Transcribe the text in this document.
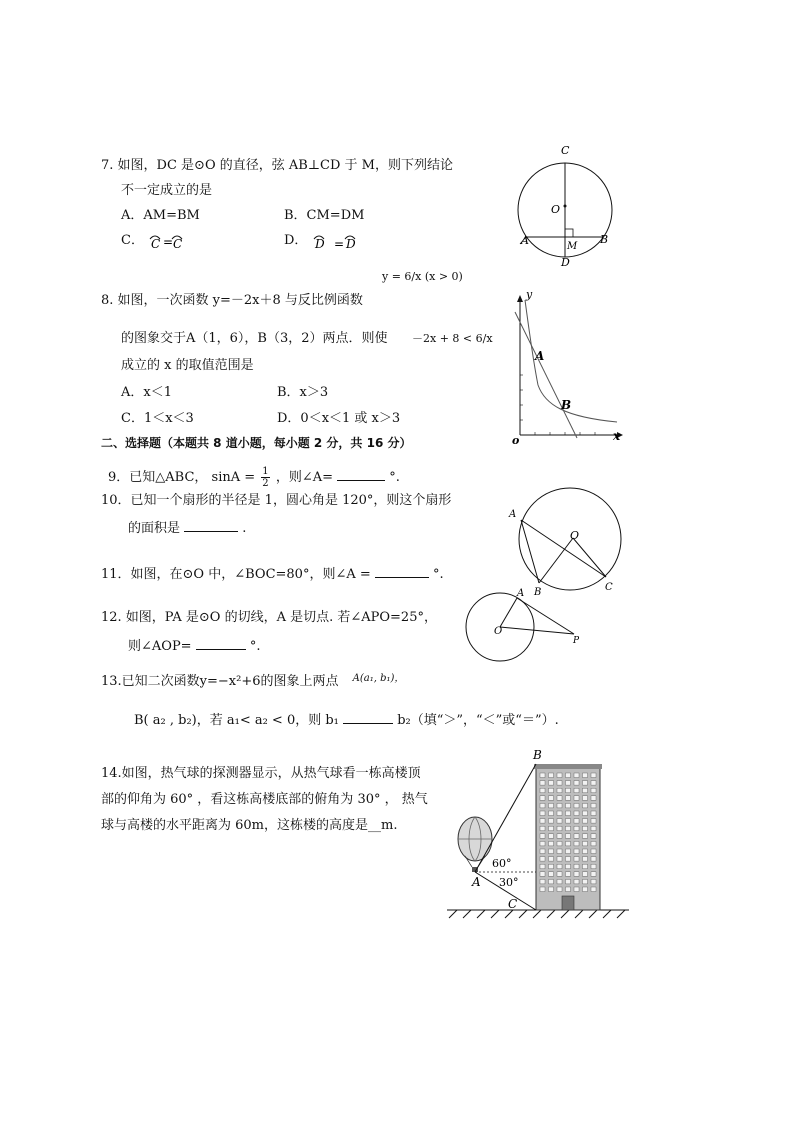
7. 如图，DC 是⊙O 的直径，弦 AB⊥CD 于 M，则下列结论
不一定成立的是
A．AM=BM	B．CM=DM
C． C = C	D． D = D
C
O
A	B
M
D
y = 6/x (x > 0)
8. 如图，一次函数 y=－2x＋8 与反比例函数
的图象交于A（1，6），B（3，2）两点．则使 －2x + 8 < 6/x
成立的 x 的取值范围是
A．x＜1	B．x＞3
C．1＜x＜3	D．0＜x＜1 或 x＞3
y
x
o
A
B
二、选择题（本题共 8 道小题，每小题 2 分，共 16 分）
9．已知△ABC， $\sin A = \frac{1}{2}$ ，则∠A=	°.
10．已知一个扇形的半径是 1，圆心角是 120°，则这个扇形
的面积是	.
A
O
B	C
11．如图，在⊙O 中，∠BOC=80°，则∠A =	°.
12. 如图，PA 是⊙O 的切线，A 是切点. 若∠APO=25°，
则∠AOP=	°.
A
O
P
13.已知二次函数y=−x²+6的图象上两点 $^{A(a_1, b_1),}$
B( a₂ , b₂)，若 a₁< a₂ < 0，则 b₁	b₂（填“＞”，“＜”或“＝”）.
14.如图，热气球的探测器显示，从热气球看一栋高楼顶
部的仰角为 60° ，看这栋高楼底部的俯角为 30° ， 热气
球与高楼的水平距离为 60m，这栋楼的高度是__m.
B
A
C
60°
30°
